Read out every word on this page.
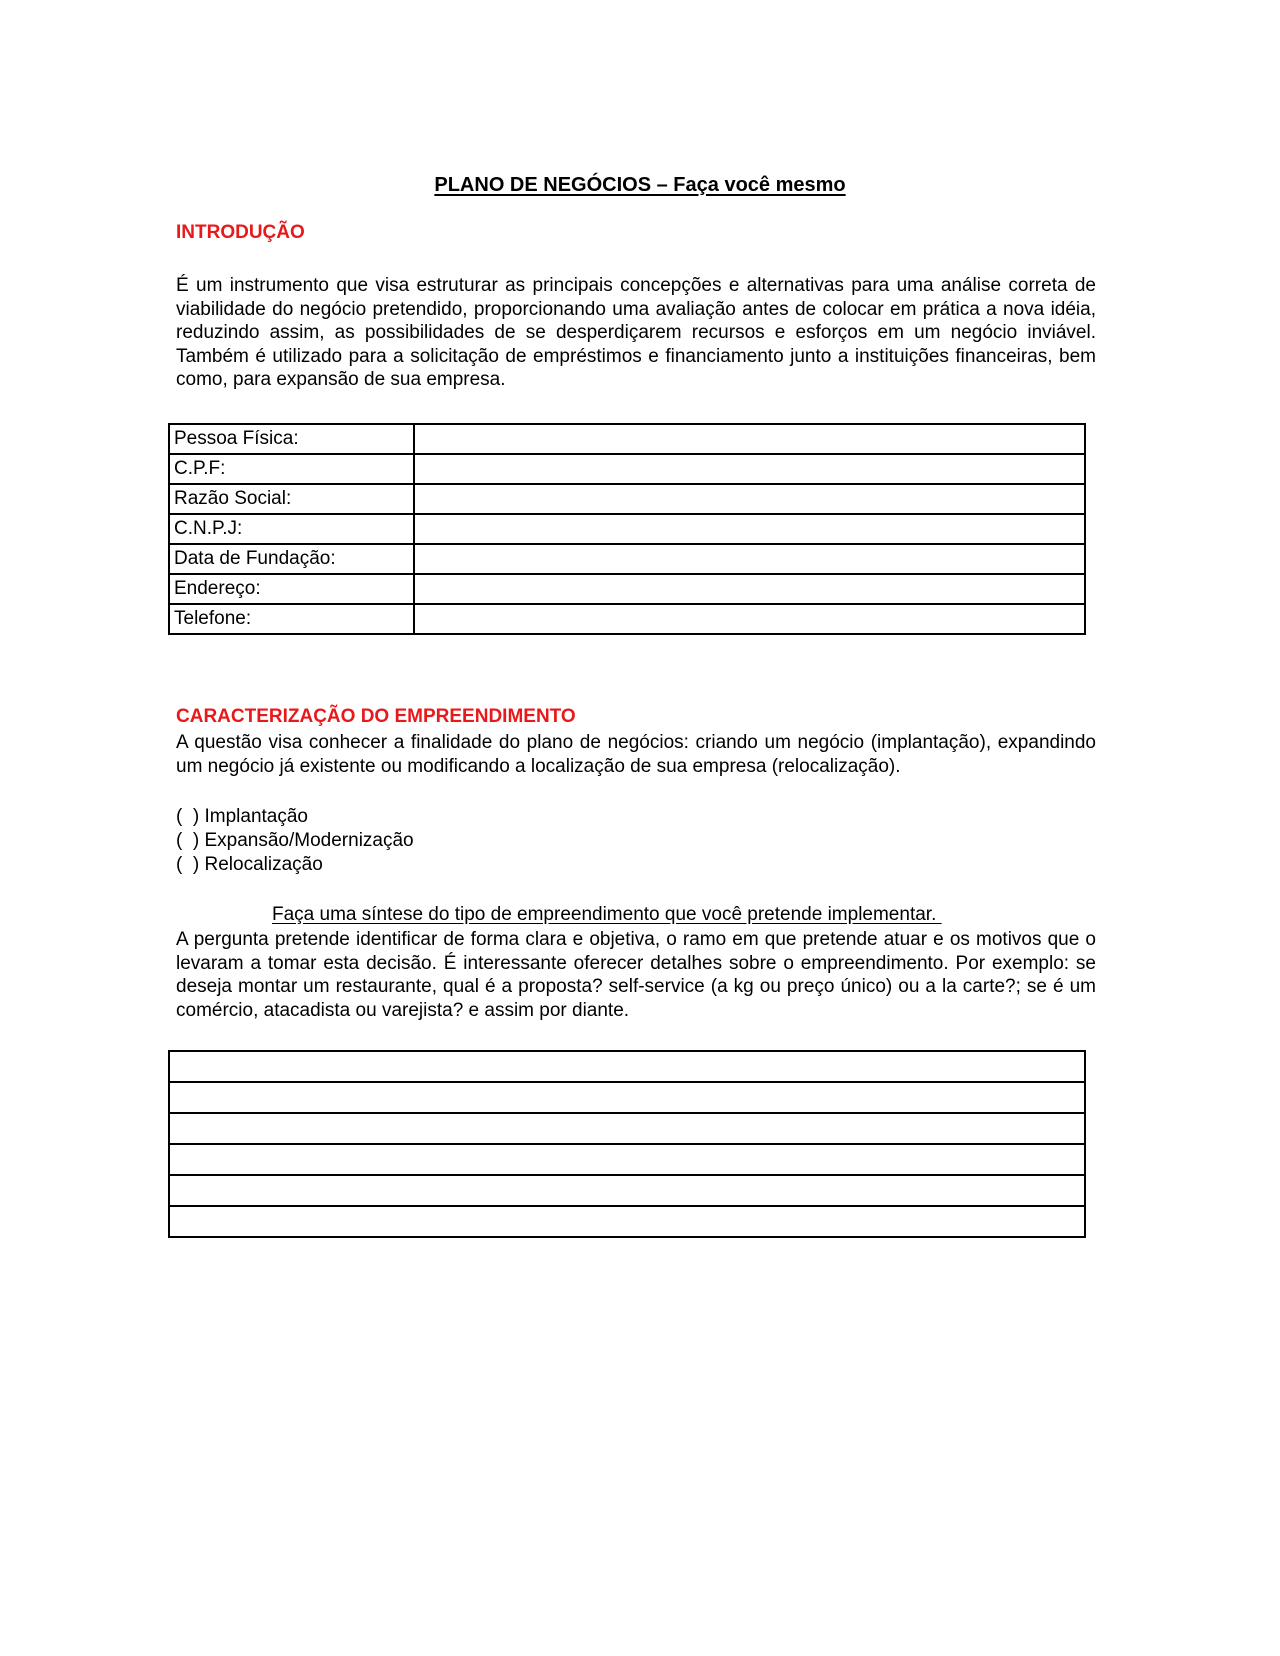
PLANO DE NEGÓCIOS – Faça você mesmo
INTRODUÇÃO
É um instrumento que visa estruturar as principais concepções e alternativas para uma análise correta de viabilidade do negócio pretendido, proporcionando uma avaliação antes de colocar em prática a nova idéia, reduzindo assim, as possibilidades de se desperdiçarem recursos e esforços em um negócio inviável. Também é utilizado para a solicitação de empréstimos e financiamento junto a instituições financeiras, bem como, para expansão de sua empresa.
Pessoa Física:	
C.P.F:	
Razão Social:	
C.N.P.J:	
Data de Fundação:	
Endereço:	
Telefone:	
CARACTERIZAÇÃO DO EMPREENDIMENTO
A questão visa conhecer a finalidade do plano de negócios: criando um negócio (implantação), expandindo um negócio já existente ou modificando a localização de sua empresa (relocalização).
(  ) Implantação
(  ) Expansão/Modernização
(  ) Relocalização
Faça uma síntese do tipo de empreendimento que você pretende implementar.
A pergunta pretende identificar de forma clara e objetiva, o ramo em que pretende atuar e os motivos que o levaram a tomar esta decisão. É interessante oferecer detalhes sobre o empreendimento. Por exemplo: se deseja montar um restaurante, qual é a proposta? self-service (a kg ou preço único) ou a la carte?; se é um comércio, atacadista ou varejista? e assim por diante.
